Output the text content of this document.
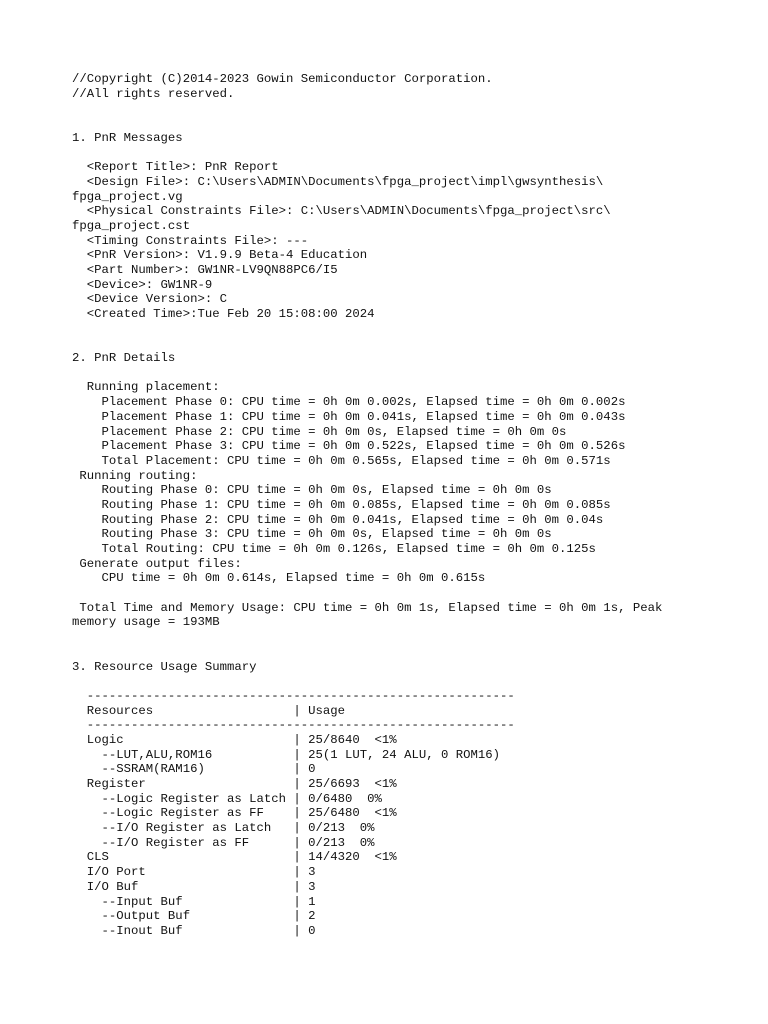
//Copyright (C)2014-2023 Gowin Semiconductor Corporation.
//All rights reserved.
1. PnR Messages
<Report Title>: PnR Report
<Design File>: C:\Users\ADMIN\Documents\fpga_project\impl\gwsynthesis\
fpga_project.vg
<Physical Constraints File>: C:\Users\ADMIN\Documents\fpga_project\src\
fpga_project.cst
<Timing Constraints File>: ---
<PnR Version>: V1.9.9 Beta-4 Education
<Part Number>: GW1NR-LV9QN88PC6/I5
<Device>: GW1NR-9
<Device Version>: C
<Created Time>:Tue Feb 20 15:08:00 2024
2. PnR Details
Running placement:
Placement Phase 0: CPU time = 0h 0m 0.002s, Elapsed time = 0h 0m 0.002s
Placement Phase 1: CPU time = 0h 0m 0.041s, Elapsed time = 0h 0m 0.043s
Placement Phase 2: CPU time = 0h 0m 0s, Elapsed time = 0h 0m 0s
Placement Phase 3: CPU time = 0h 0m 0.522s, Elapsed time = 0h 0m 0.526s
Total Placement: CPU time = 0h 0m 0.565s, Elapsed time = 0h 0m 0.571s
Running routing:
Routing Phase 0: CPU time = 0h 0m 0s, Elapsed time = 0h 0m 0s
Routing Phase 1: CPU time = 0h 0m 0.085s, Elapsed time = 0h 0m 0.085s
Routing Phase 2: CPU time = 0h 0m 0.041s, Elapsed time = 0h 0m 0.04s
Routing Phase 3: CPU time = 0h 0m 0s, Elapsed time = 0h 0m 0s
Total Routing: CPU time = 0h 0m 0.126s, Elapsed time = 0h 0m 0.125s
Generate output files:
CPU time = 0h 0m 0.614s, Elapsed time = 0h 0m 0.615s
Total Time and Memory Usage: CPU time = 0h 0m 1s, Elapsed time = 0h 0m 1s, Peak
memory usage = 193MB
3. Resource Usage Summary
----------------------------------------------------------
Resources                   | Usage
----------------------------------------------------------
Logic                       | 25/8640  <1%
--LUT,ALU,ROM16           | 25(1 LUT, 24 ALU, 0 ROM16)
--SSRAM(RAM16)            | 0
Register                    | 25/6693  <1%
--Logic Register as Latch | 0/6480  0%
--Logic Register as FF    | 25/6480  <1%
--I/O Register as Latch   | 0/213  0%
--I/O Register as FF      | 0/213  0%
CLS                         | 14/4320  <1%
I/O Port                    | 3
I/O Buf                     | 3
--Input Buf               | 1
--Output Buf              | 2
--Inout Buf               | 0
